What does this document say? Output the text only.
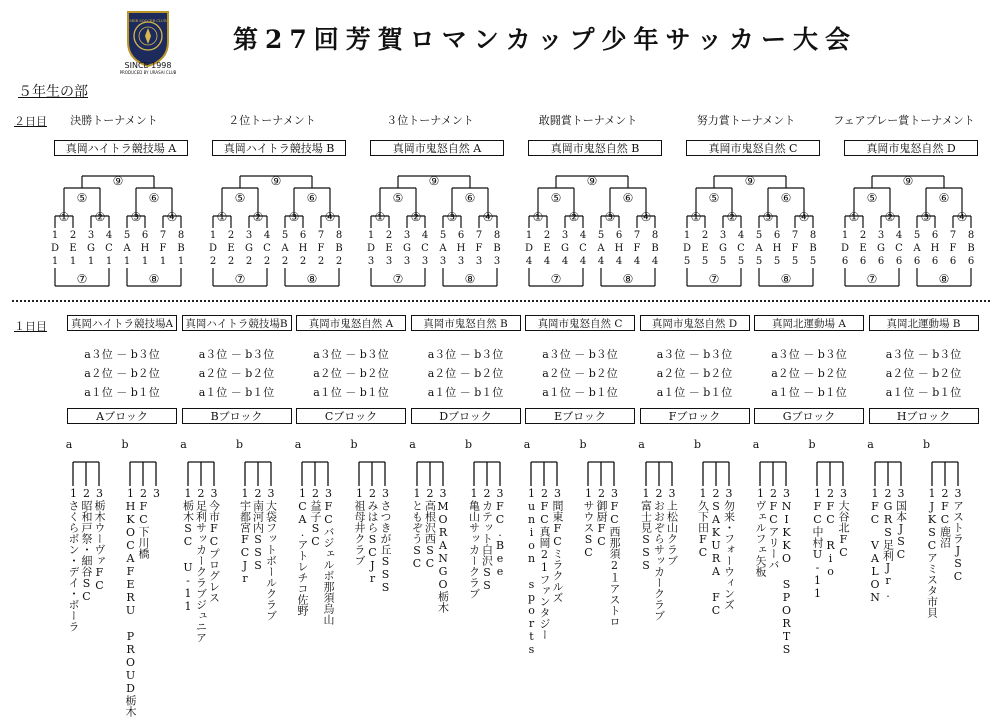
SEIR SOCCER CLUB
SINCE 1998
PRODUCED BY URASAI CLUB
第27回芳賀ロマンカップ少年サッカー大会
５年生の部
２日目	決勝トーナメント
真岡ハイトラ競技場 A
① ② ③ ④
⑤	⑥
⑨
1
D
1
2
E
1
3
G
1
4
C
1
5
A
1
6
H
1
7
F
1
8
B
1
⑦	⑧
２位トーナメント
真岡ハイトラ競技場 B
① ② ③ ④
⑤	⑥
⑨
1
D
2
2
E
2
3
G
2
4
C
2
5
A
2
6
H
2
7
F
2
8
B
2
⑦	⑧
３位トーナメント
真岡市鬼怒自然 A
① ② ③ ④
⑤	⑥
⑨
1
D
3
2
E
3
3
G
3
4
C
3
5
A
3
6
H
3
7
F
3
8
B
3
⑦	⑧
敢闘賞トーナメント
真岡市鬼怒自然 B
① ② ③ ④
⑤	⑥
⑨
1
D
4
2
E
4
3
G
4
4
C
4
5
A
4
6
H
4
7
F
4
8
B
4
⑦	⑧
努力賞トーナメント
真岡市鬼怒自然 C
① ② ③ ④
⑤	⑥
⑨
1
D
5
2
E
5
3
G
5
4
C
5
5
A
5
6
H
5
7
F
5
8
B
5
⑦	⑧
フェアプレー賞トーナメント
真岡市鬼怒自然 D
① ② ③ ④
⑤	⑥
⑨
1
D
6
2
E
6
3
G
6
4
C
6
5
A
6
6
H
6
7
F
6
8
B
6
⑦	⑧
１日目	真岡ハイトラ競技場A
a３位 － b３位
a２位 － b２位
a１位 － b１位
Aブロック
a	b
1さくらボン・デイ・ボーラ 2昭和戸祭・細谷SC 3栃木ウーヴァFC 1HKOCAFERU PROUD栃木 2FC下川橋 3
真岡ハイトラ競技場B
a３位 － b３位
a２位 － b２位
a１位 － b１位
Bブロック
a	b
1栃木SC U-11 2足利サッカークラブジュニア 3今市FCプログレス 1宇都宮FCJr 2南河内SSS 3大袋フットボールクラブ
真岡市鬼怒自然 A
a３位 － b３位
a２位 － b２位
a１位 － b１位
Cブロック
a	b
1CA.アトレチコ佐野 2益子SC 3FCバジェルボ那須烏山 1祖母井クラブ 2みはらSCJr 3さつきが丘SSS
真岡市鬼怒自然 B
a３位 － b３位
a２位 － b２位
a１位 － b１位
Dブロック
a	b
1ともぞうSC 2高根沢西SC 3MORANGO栃木 1亀山サッカークラブ 2カテット白沢SS 3FC.Bee
真岡市鬼怒自然 C
a３位 － b３位
a２位 － b２位
a１位 － b１位
Eブロック
a	b
1union sports 2FC真岡21ファンタジー 3間東FCミラクルズ 1サウスSC 2御厨FC 3FC西那須2１アストロ
真岡市鬼怒自然 D
a３位 － b３位
a２位 － b２位
a１位 － b１位
Fブロック
a	b
1富士見SSS 2おおぞらサッカークラブ 3上松山クラブ 1久下田FC 2SAKURA FC 3勿来・フォーウィンズ
真岡北運動場 A
a３位 － b３位
a２位 － b２位
a１位 － b１位
Gブロック
a	b
1ヴェルフェ矢板 2FCアリーバ 3NIKKO SPORTS 1FC中村U-11 2FC Rio 3大谷北FC
真岡北運動場 B
a３位 － b３位
a２位 － b２位
a１位 － b１位
Hブロック
a	b
1FC VALON 2GRS足利Jr. 3国本JSC 1JKSCアミスタ市貝 2FC鹿沼 3アストラJSC
